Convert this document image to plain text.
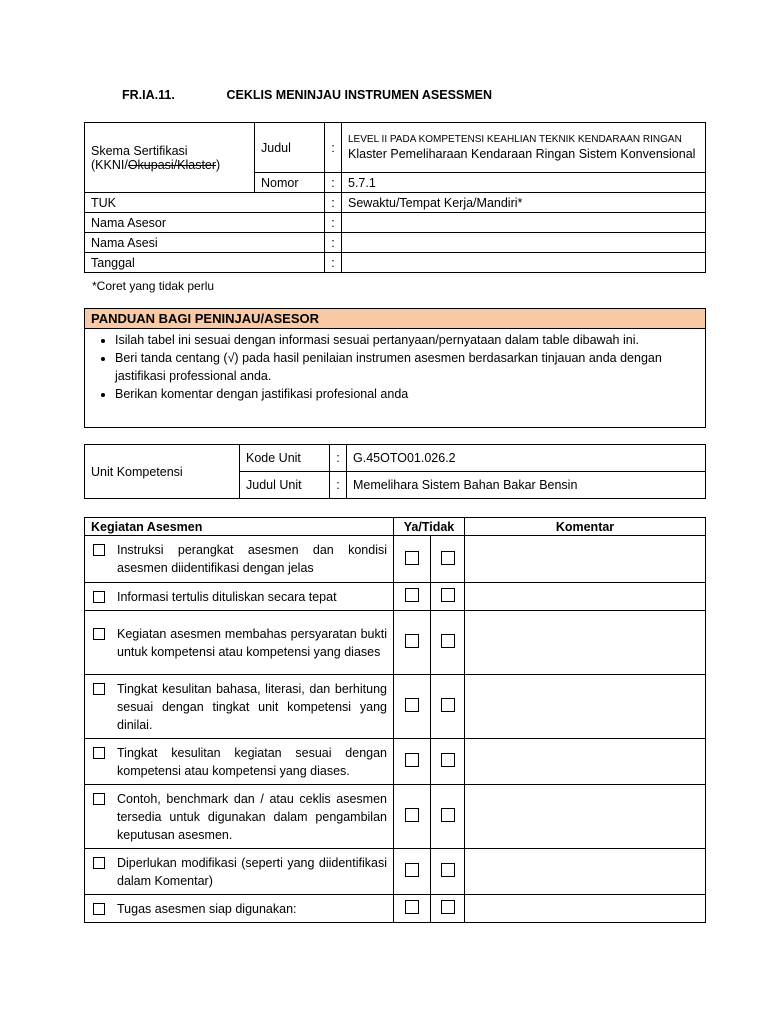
FR.IA.11.	CEKLIS MENINJAU INSTRUMEN ASESSMEN
Skema Sertifikasi
(KKNI/Okupasi/Klaster)	Judul	:	LEVEL II PADA KOMPETENSI KEAHLIAN TEKNIK KENDARAAN RINGAN
Klaster Pemeliharaan Kendaraan Ringan Sistem Konvensional

	Nomor	:	5.7.1
TUK		:	Sewaktu/Tempat Kerja/Mandiri*
Nama Asesor		:	
Nama Asesi		:	
Tanggal		:	
*Coret yang tidak perlu
PANDUAN BAGI PENINJAU/ASESOR
• Isilah tabel ini sesuai dengan informasi sesuai pertanyaan/pernyataan dalam table dibawah ini.
• Beri tanda centang (√) pada hasil penilaian instrumen asesmen berdasarkan tinjauan anda dengan jastifikasi professional anda.
• Berikan komentar dengan jastifikasi profesional anda
Unit Kompetensi	Kode Unit	:	G.45OTO01.026.2
	Judul Unit	:	Memelihara Sistem Bahan Bakar Bensin
Kegiatan Asesmen	Ya/Tidak		Komentar

Instruksi perangkat asesmen dan kondisi asesmen diidentifikasi dengan jelas			

Informasi tertulis dituliskan secara tepat			

Kegiatan asesmen membahas persyaratan bukti untuk kompetensi atau kompetensi yang diases			

Tingkat kesulitan bahasa, literasi, dan berhitung sesuai dengan tingkat unit kompetensi yang dinilai.			

Tingkat kesulitan kegiatan sesuai dengan kompetensi atau kompetensi yang diases.			

Contoh, benchmark dan / atau ceklis asesmen tersedia untuk digunakan dalam pengambilan keputusan asesmen.			

Diperlukan modifikasi (seperti yang diidentifikasi dalam Komentar)			

Tugas asesmen siap digunakan:			
